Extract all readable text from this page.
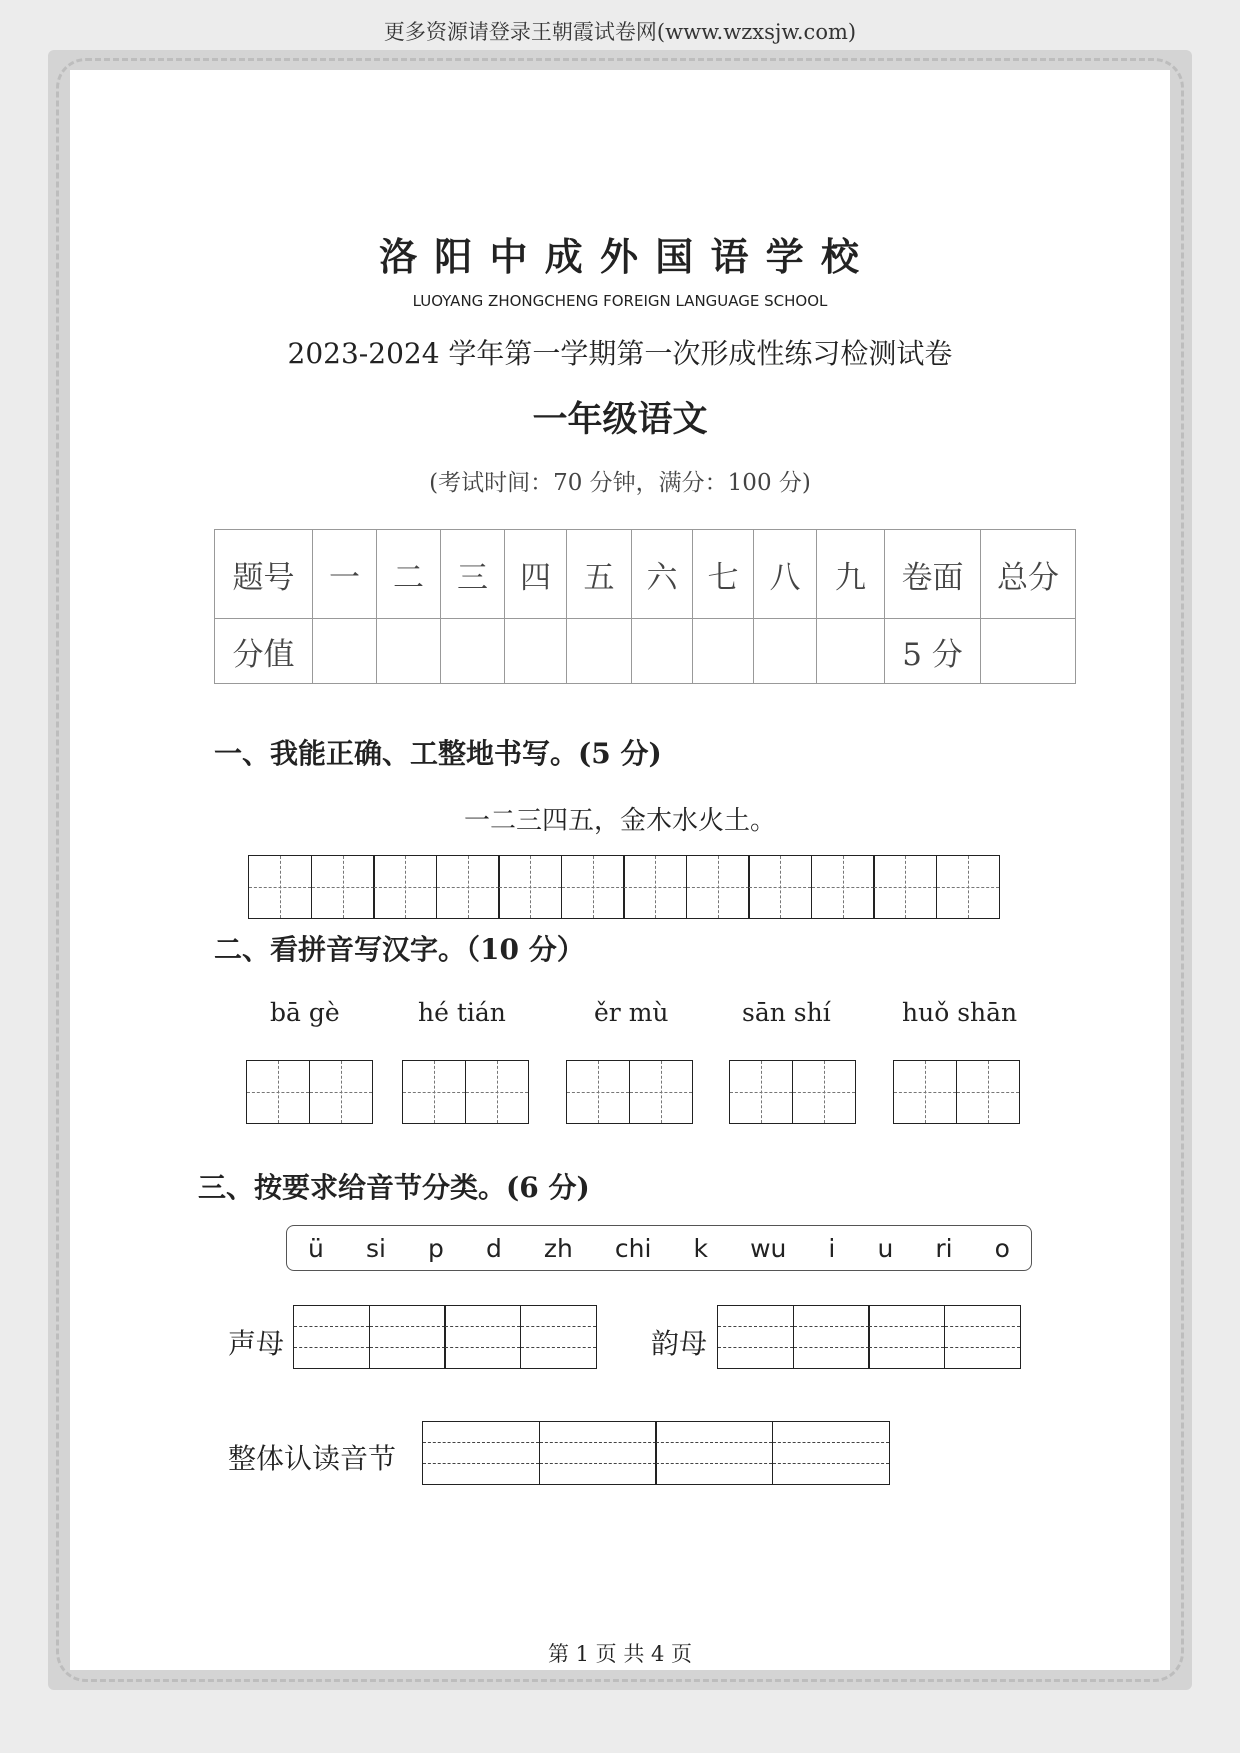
更多资源请登录王朝霞试卷网(www.wzxsjw.com)
洛 阳 中 成 外 国 语 学 校
LUOYANG ZHONGCHENG FOREIGN LANGUAGE SCHOOL
2023-2024 学年第一学期第一次形成性练习检测试卷
一年级语文
(考试时间：70 分钟，满分：100 分)
题号	一	二	三	四	五	六	七	八	九	卷面	总分
分值										5 分	
一、我能正确、工整地书写。(5 分)
一二三四五，金木水火土。
二、看拼音写汉字。（10 分）
bā gè	hé tián	ěr mù	sān shí	huǒ shān
三、按要求给音节分类。(6 分)
ü si p d zh chi k wu i u ri o
声母	韵母
整体认读音节
第 1 页 共 4 页
